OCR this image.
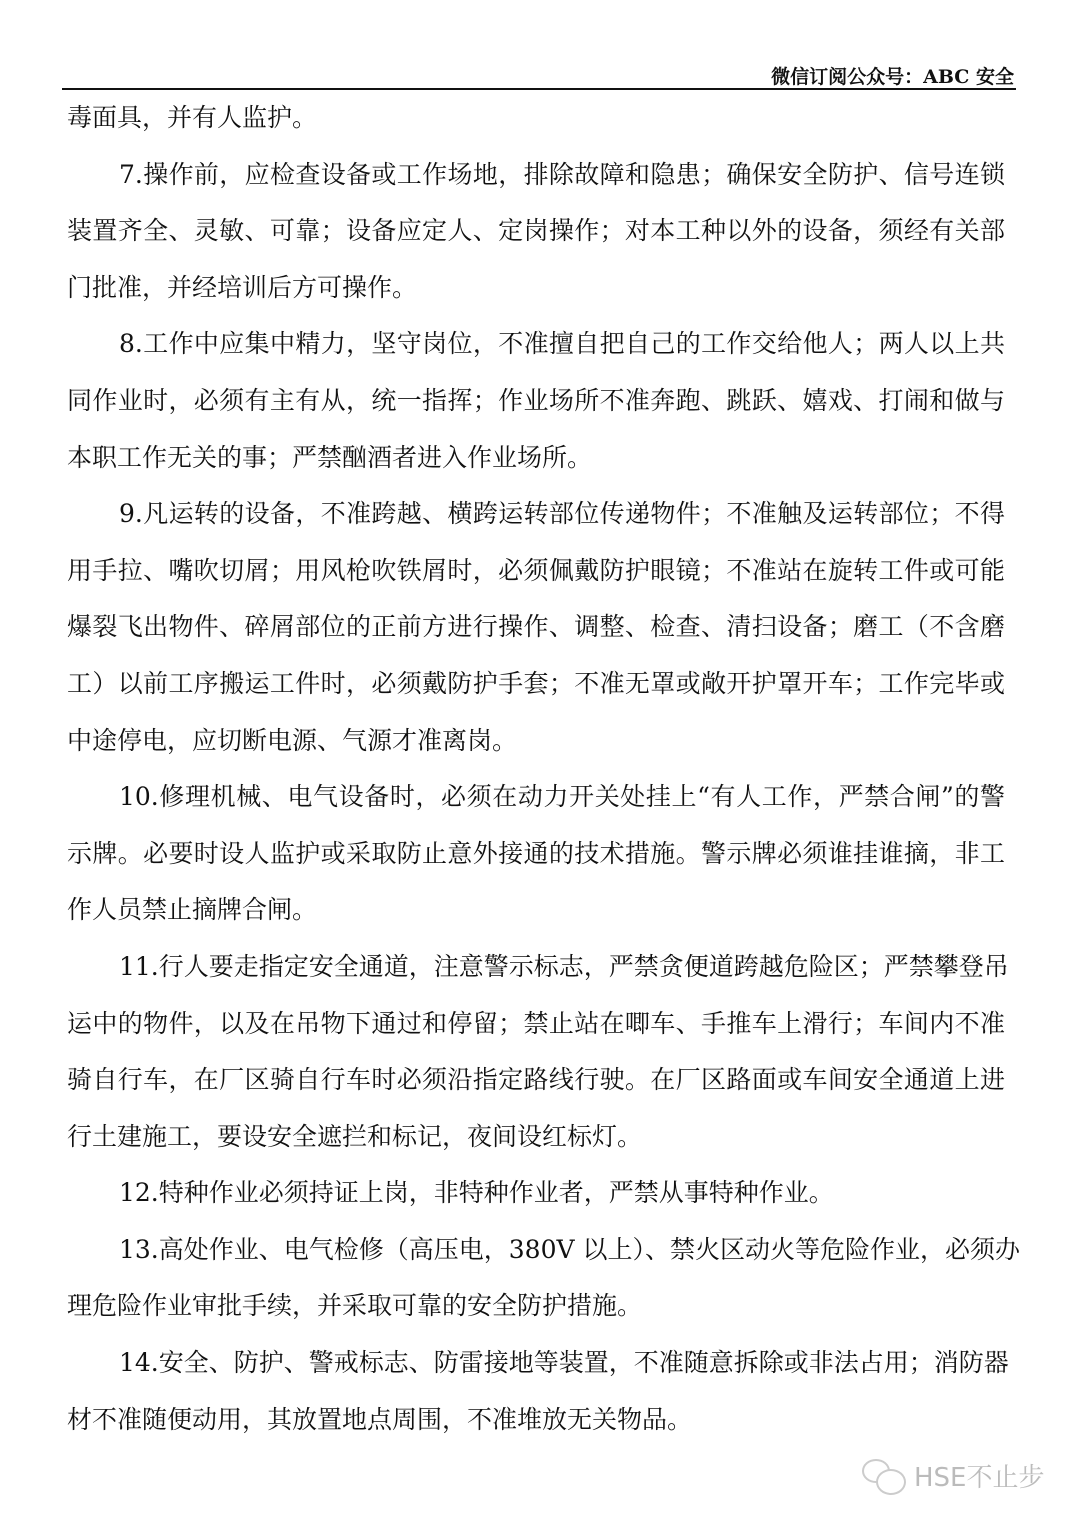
微信订阅公众号：ABC 安全
毒面具，并有人监护。
7.操作前，应检查设备或工作场地，排除故障和隐患；确保安全防护、信号连锁
装置齐全、灵敏、可靠；设备应定人、定岗操作；对本工种以外的设备，须经有关部
门批准，并经培训后方可操作。
8.工作中应集中精力，坚守岗位，不准擅自把自己的工作交给他人；两人以上共
同作业时，必须有主有从，统一指挥；作业场所不准奔跑、跳跃、嬉戏、打闹和做与
本职工作无关的事；严禁酗酒者进入作业场所。
9.凡运转的设备，不准跨越、横跨运转部位传递物件；不准触及运转部位；不得
用手拉、嘴吹切屑；用风枪吹铁屑时，必须佩戴防护眼镜；不准站在旋转工件或可能
爆裂飞出物件、碎屑部位的正前方进行操作、调整、检查、清扫设备；磨工（不含磨
工）以前工序搬运工件时，必须戴防护手套；不准无罩或敞开护罩开车；工作完毕或
中途停电，应切断电源、气源才准离岗。
10.修理机械、电气设备时，必须在动力开关处挂上“有人工作，严禁合闸”的警
示牌。必要时设人监护或采取防止意外接通的技术措施。警示牌必须谁挂谁摘，非工
作人员禁止摘牌合闸。
11.行人要走指定安全通道，注意警示标志，严禁贪便道跨越危险区；严禁攀登吊
运中的物件，以及在吊物下通过和停留；禁止站在唧车、手推车上滑行；车间内不准
骑自行车，在厂区骑自行车时必须沿指定路线行驶。在厂区路面或车间安全通道上进
行土建施工，要设安全遮拦和标记，夜间设红标灯。
12.特种作业必须持证上岗，非特种作业者，严禁从事特种作业。
13.高处作业、电气检修（高压电，380V 以上）、禁火区动火等危险作业，必须办
理危险作业审批手续，并采取可靠的安全防护措施。
14.安全、防护、警戒标志、防雷接地等装置，不准随意拆除或非法占用；消防器
材不准随便动用，其放置地点周围，不准堆放无关物品。
HSE不止步
